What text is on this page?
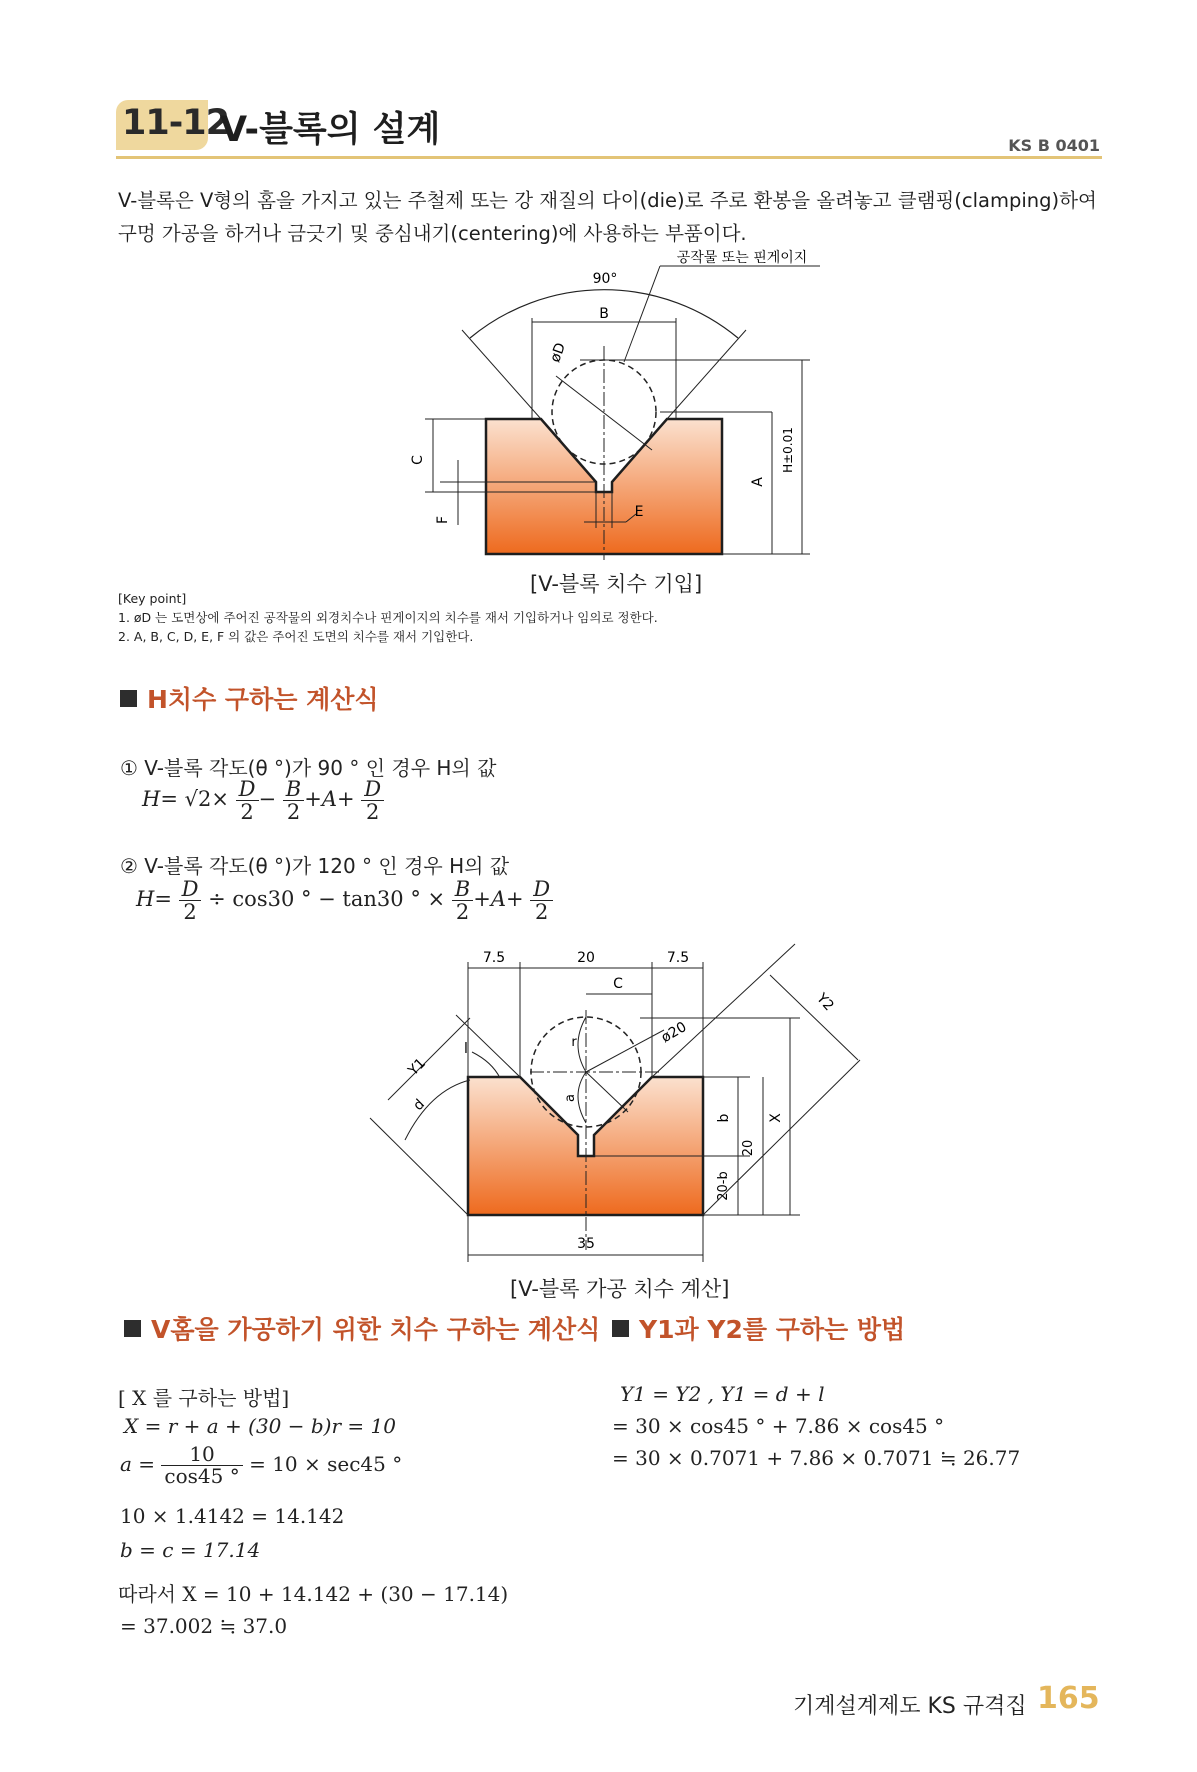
11-12
V-블록의 설계	KS B 0401
V-블록은 V형의 홈을 가지고 있는 주철제 또는 강 재질의 다이(die)로 주로 환봉을 올려놓고 클램핑(clamping)하여 구멍 가공을 하거나 금긋기 및 중심내기(centering)에 사용하는 부품이다.
90°
B
공작물 또는 핀게이지
øD
C
F	E
A
H±0.01
[V-블록 치수 기입]
[Key point]
1. øD 는 도면상에 주어진 공작물의 외경치수나 핀게이지의 치수를 재서 기입하거나 임의로 정한다.
2. A, B, C, D, E, F 의 값은 주어진 도면의 치수를 재서 기입한다.
H치수 구하는 계산식
① V-블록 각도(θ °)가 90 ° 인 경우 H의 값
$H= √2\times \frac{D}{2} - \frac{B}{2} +A+ \frac{D}{2}$
② V-블록 각도(θ °)가 120 ° 인 경우 H의 값
$H= \frac{D}{2} \div \cos 30$ ° − tan30 ° × $\frac{B}{2} +A+ \frac{D}{2}$
7.5	20	7.5
C
ø20
Y2
Y1
l
d
r
a
b	X
20
20-b
35
[V-블록 가공 치수 계산]
V홈을 가공하기 위한 치수 구하는 계산식
[ X 를 구하는 방법]
X = r + a + (30 − b)r = 10
$a = \frac{10}{\cos 45 ^\circ} = 10 \times \sec 45$ °
10 × 1.4142 = 14.142
b = c = 17.14
따라서 X = 10 + 14.142 + (30 − 17.14)
= 37.002 ≒ 37.0
Y1과 Y2를 구하는 방법
Y1 = Y2 , Y1 = d + l
= 30 × cos45 ° + 7.86 × cos45 °
= 30 × 0.7071 + 7.86 × 0.7071 ≒ 26.77
기계설계제도 KS 규격집 165
